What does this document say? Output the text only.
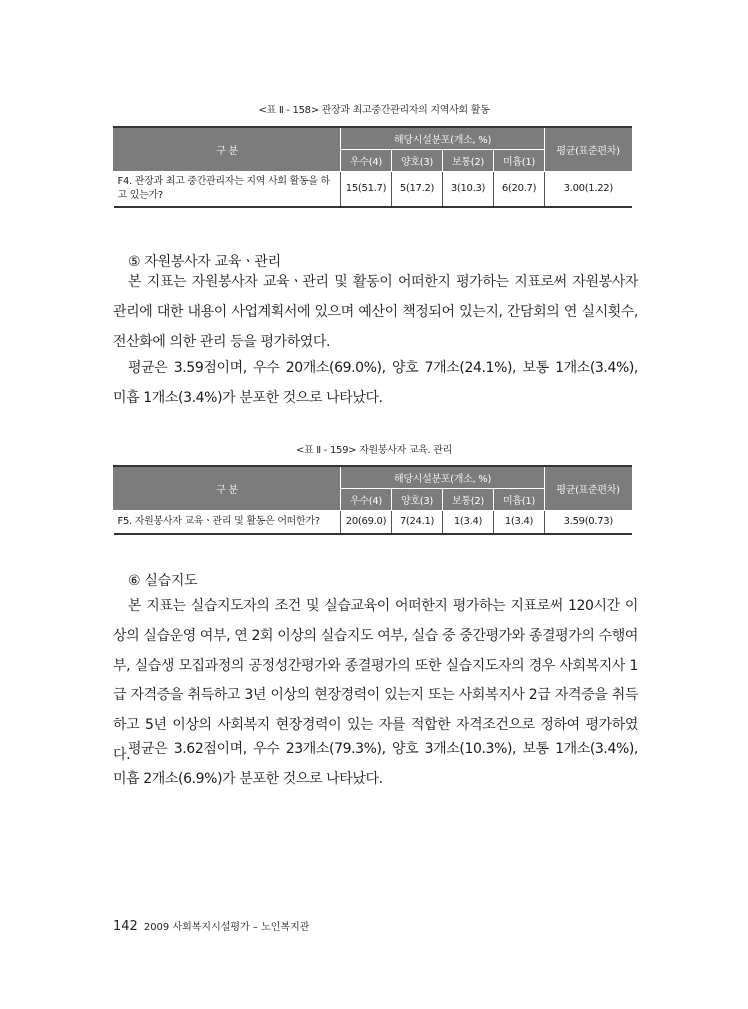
<표 Ⅱ - 158> 관장과 최고중간관리자의 지역사회 활동
구 분	해당시설분포(개소, %)				평균(표준편차)
	우수(4)	양호(3)	보통(2)	미흡(1)	
F4. 관장과 최고 중간관리자는 지역 사회 활동을 하고 있는가?	15(51.7)	5(17.2)	3(10.3)	6(20.7)	3.00(1.22)
⑤ 자원봉사자 교육ㆍ관리

본 지표는 자원봉사자 교육ㆍ관리 및 활동이 어떠한지 평가하는 지표로써 자원봉사자 관리에 대한 내용이 사업계획서에 있으며 예산이 책정되어 있는지, 간담회의 연 실시횟수, 전산화에 의한 관리 등을 평가하였다.

평균은 3.59점이며, 우수 20개소(69.0%), 양호 7개소(24.1%), 보통 1개소(3.4%), 미흡 1개소(3.4%)가 분포한 것으로 나타났다.

<표 Ⅱ - 159> 자원봉사자 교육. 관리
구 분	해당시설분포(개소, %)				평균(표준편차)
	우수(4)	양호(3)	보통(2)	미흡(1)	
F5. 자원봉사자 교육ㆍ관리 및 활동은 어떠한가?	20(69.0)	7(24.1)	1(3.4)	1(3.4)	3.59(0.73)
⑥ 실습지도

본 지표는 실습지도자의 조건 및 실습교육이 어떠한지 평가하는 지표로써 120시간 이상의 실습운영 여부, 연 2회 이상의 실습지도 여부, 실습 중 중간평가와 종결평가의 수행여부, 실습생 모집과정의 공정성간평가와 종결평가의 또한 실습지도자의 경우 사회복지사 1급 자격증을 취득하고 3년 이상의 현장경력이 있는지 또는 사회복지사 2급 자격증을 취득하고 5년 이상의 사회복지 현장경력이 있는 자를 적합한 자격조건으로 정하여 평가하였다.

평균은 3.62점이며, 우수 23개소(79.3%), 양호 3개소(10.3%), 보통 1개소(3.4%), 미흡 2개소(6.9%)가 분포한 것으로 나타났다.

142 2009 사회복지시설평가 – 노인복지관
